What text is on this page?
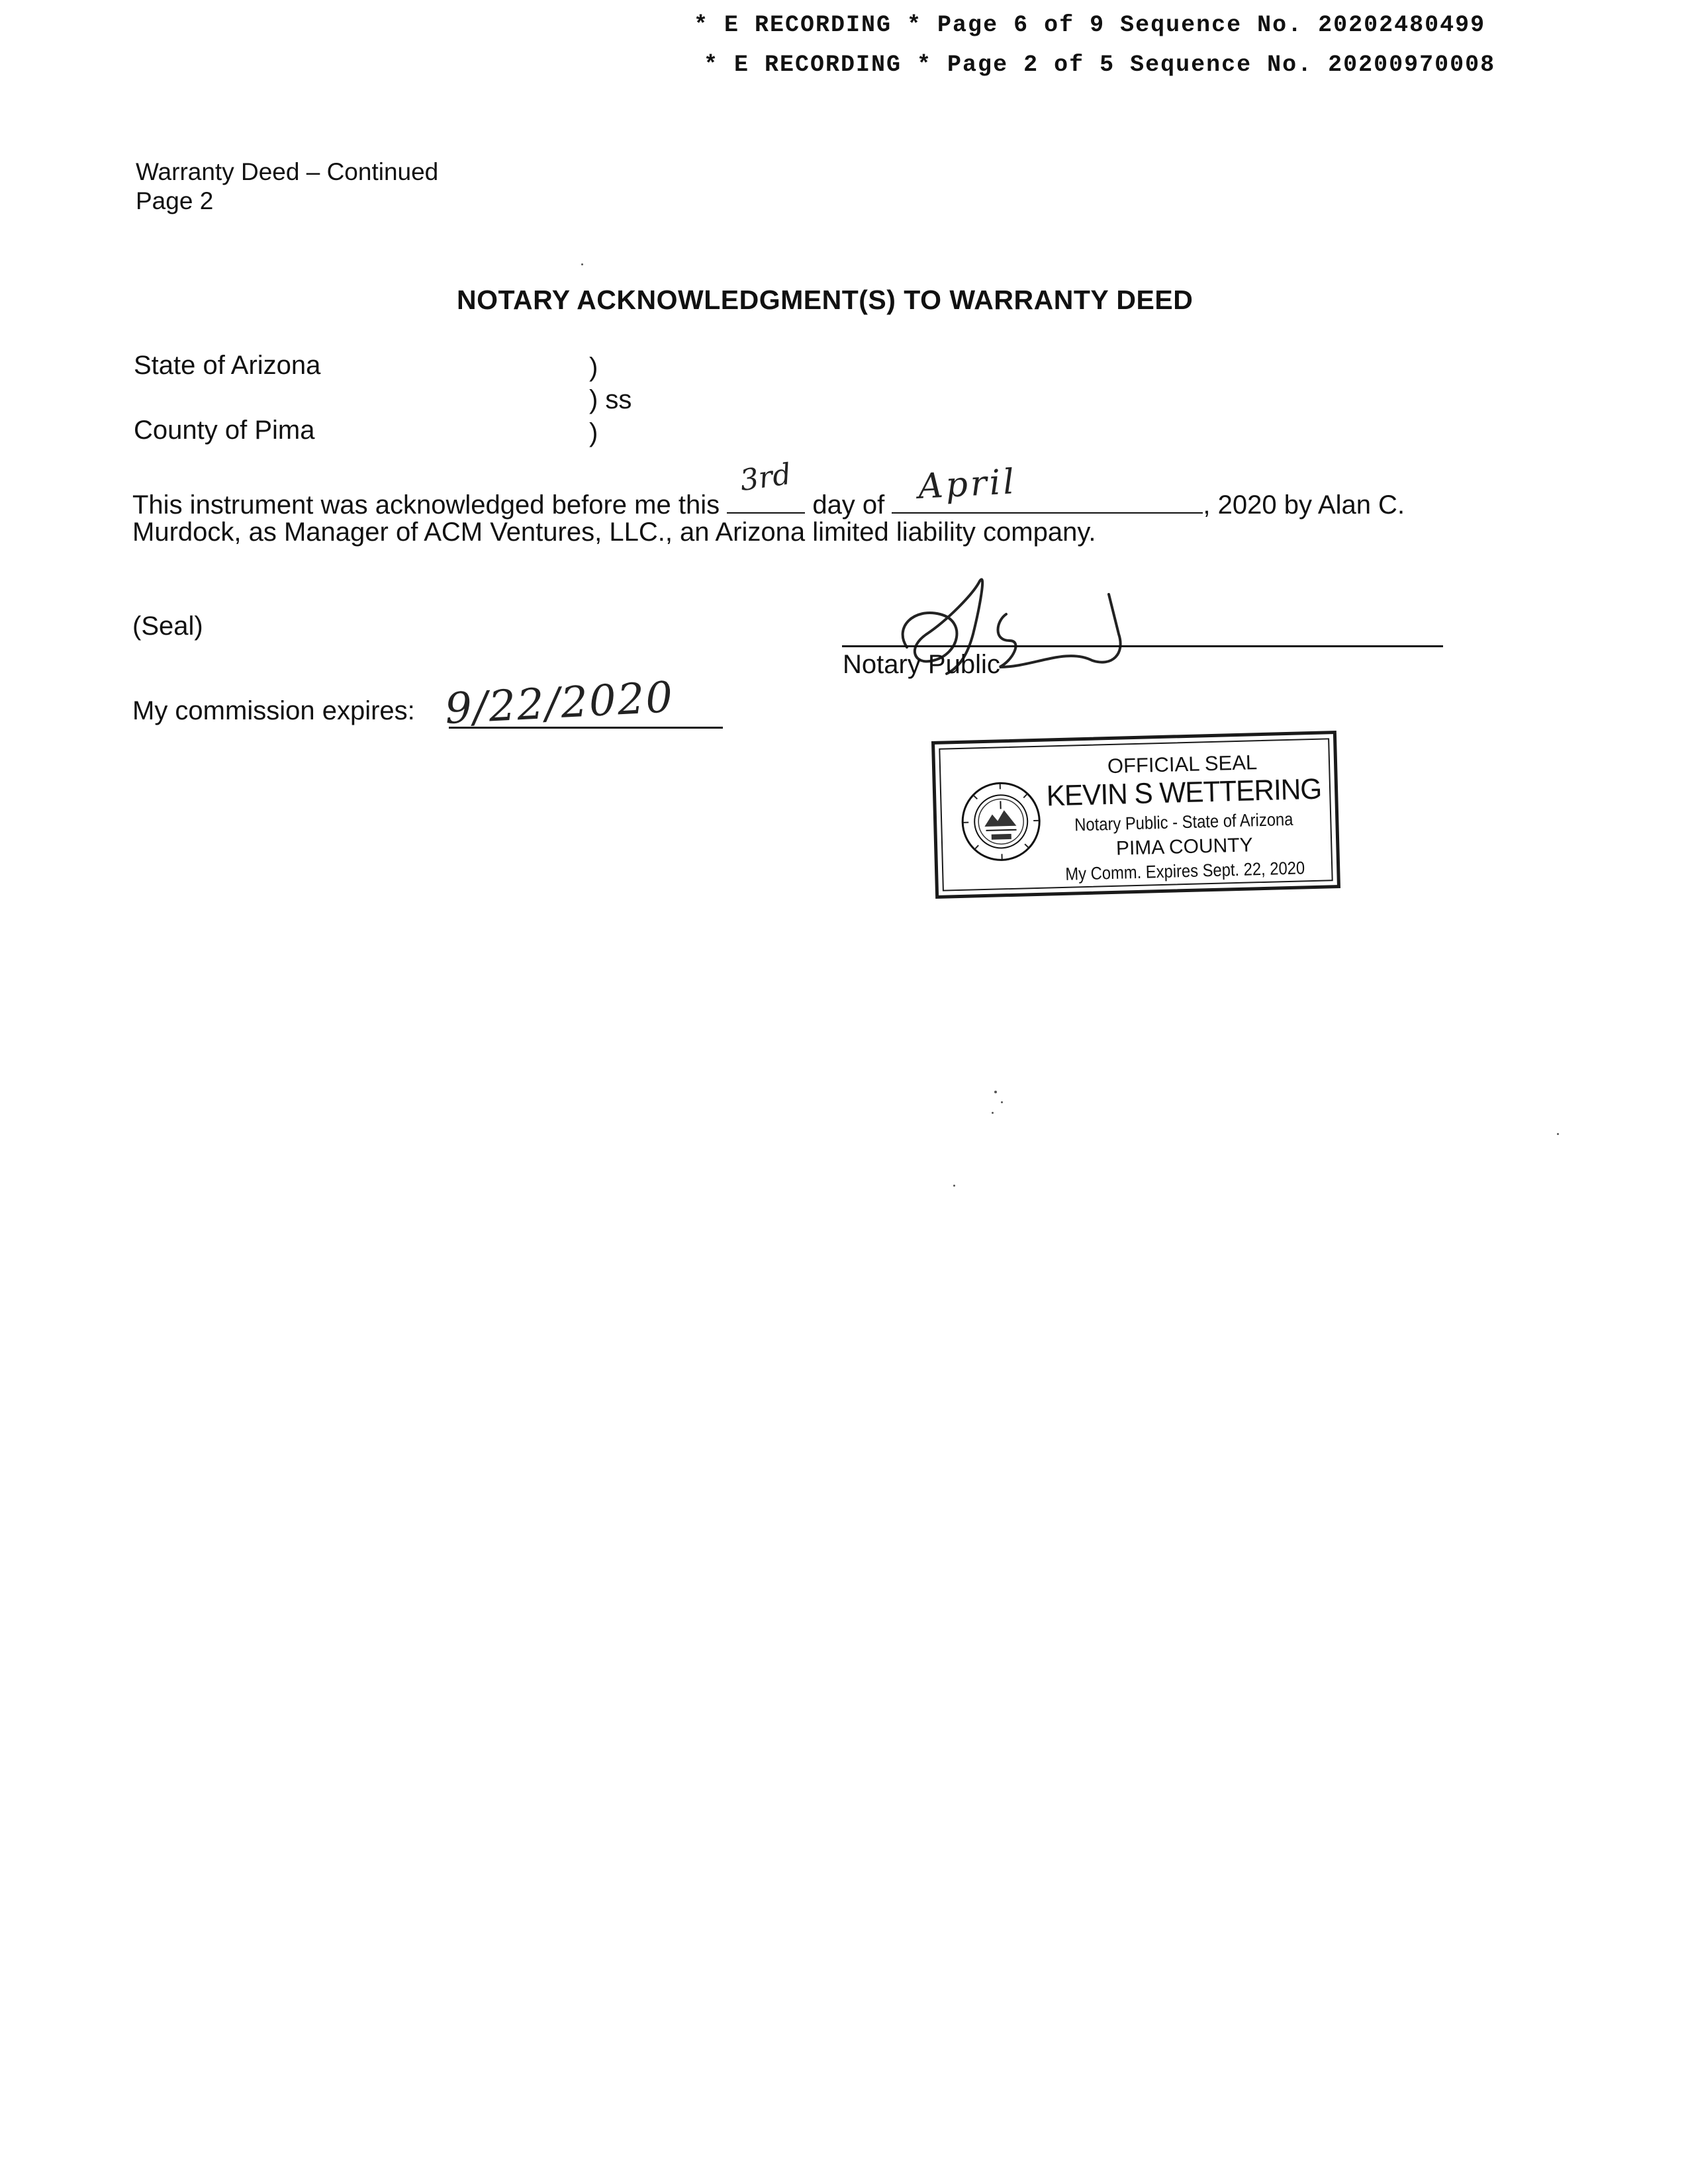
* E RECORDING * Page 6 of 9 Sequence No. 20202480499
* E RECORDING * Page 2 of 5 Sequence No. 20200970008
Warranty Deed – Continued
Page 2
NOTARY ACKNOWLEDGMENT(S) TO WARRANTY DEED
State of Arizona
County of Pima
)
) ss
)
This instrument was acknowledged before me this
3rd
day of April	, 2020 by Alan C.
Murdock, as Manager of ACM Ventures, LLC., an Arizona limited liability company.
(Seal)
Notary Public
My commission expires: 9/22/2020
OFFICIAL SEAL
KEVIN S WETTERING
Notary Public - State of Arizona
PIMA COUNTY
My Comm. Expires Sept. 22, 2020
